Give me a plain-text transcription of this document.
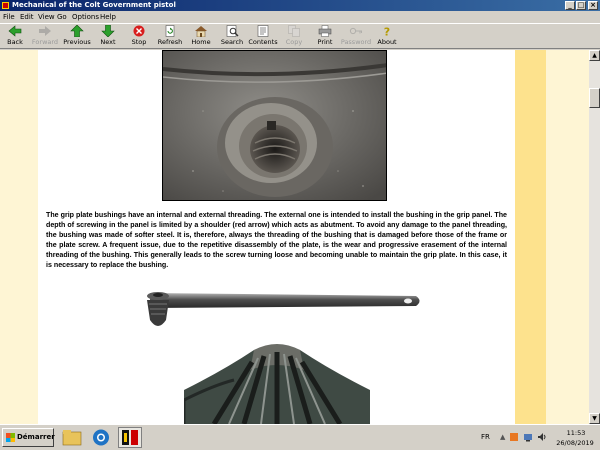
Mechanical of the Colt Government pistol	_ □ ×
File Edit View Go Options Help
Back	Forward Previous	Next	Stop	Refresh	Home	Search Contents	Copy	Print	Password
?
About
The grip plate bushings have an internal and external threading. The external one is intended to install the bushing in the grip panel. The depth of screwing in the panel is limited by a shoulder (red arrow) which acts as abutment. To avoid any damage to the panel threading, the bushing was made of softer steel. It is, therefore, always the threading of the bushing that is damaged before those of the frame or the plate screw. A frequent issue, due to the repetitive disassembly of the plate, is the wear and progressive erasement of the internal threading of the bushing. This generally leads to the screw turning loose and becoming unable to maintain the grip plate. In this case, it is necessary to replace the bushing.
▲
▼
Démarrer	FR ▲	11:53
26/08/2019
